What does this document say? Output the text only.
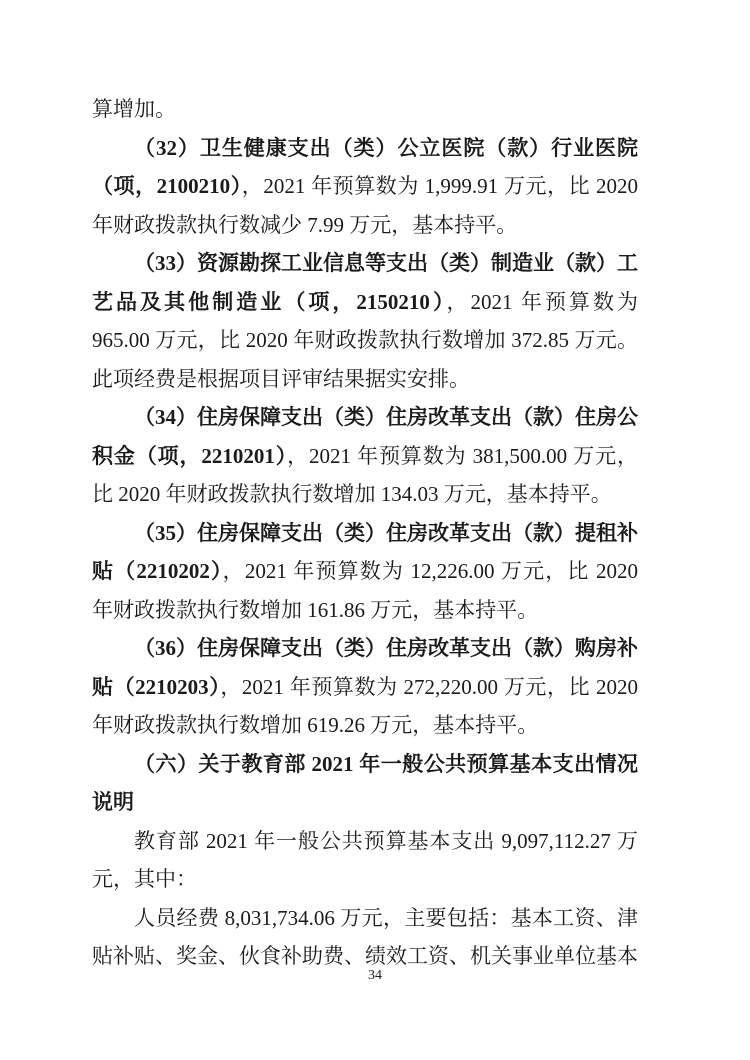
算增加。

（32）卫生健康支出（类）公立医院（款）行业医院（项，2100210），2021 年预算数为 1,999.91 万元，比 2020 年财政拨款执行数减少 7.99 万元，基本持平。

（33）资源勘探工业信息等支出（类）制造业（款）工艺品及其他制造业（项，2150210），2021 年预算数为 965.00 万元，比 2020 年财政拨款执行数增加 372.85 万元。此项经费是根据项目评审结果据实安排。

（34）住房保障支出（类）住房改革支出（款）住房公积金（项，2210201），2021 年预算数为 381,500.00 万元，比 2020 年财政拨款执行数增加 134.03 万元，基本持平。

（35）住房保障支出（类）住房改革支出（款）提租补贴（2210202），2021 年预算数为 12,226.00 万元，比 2020 年财政拨款执行数增加 161.86 万元，基本持平。

（36）住房保障支出（类）住房改革支出（款）购房补贴（2210203），2021 年预算数为 272,220.00 万元，比 2020 年财政拨款执行数增加 619.26 万元，基本持平。

（六）关于教育部 2021 年一般公共预算基本支出情况说明

教育部 2021 年一般公共预算基本支出 9,097,112.27 万元，其中：

人员经费 8,031,734.06 万元，主要包括：基本工资、津贴补贴、奖金、伙食补助费、绩效工资、机关事业单位基本

34
